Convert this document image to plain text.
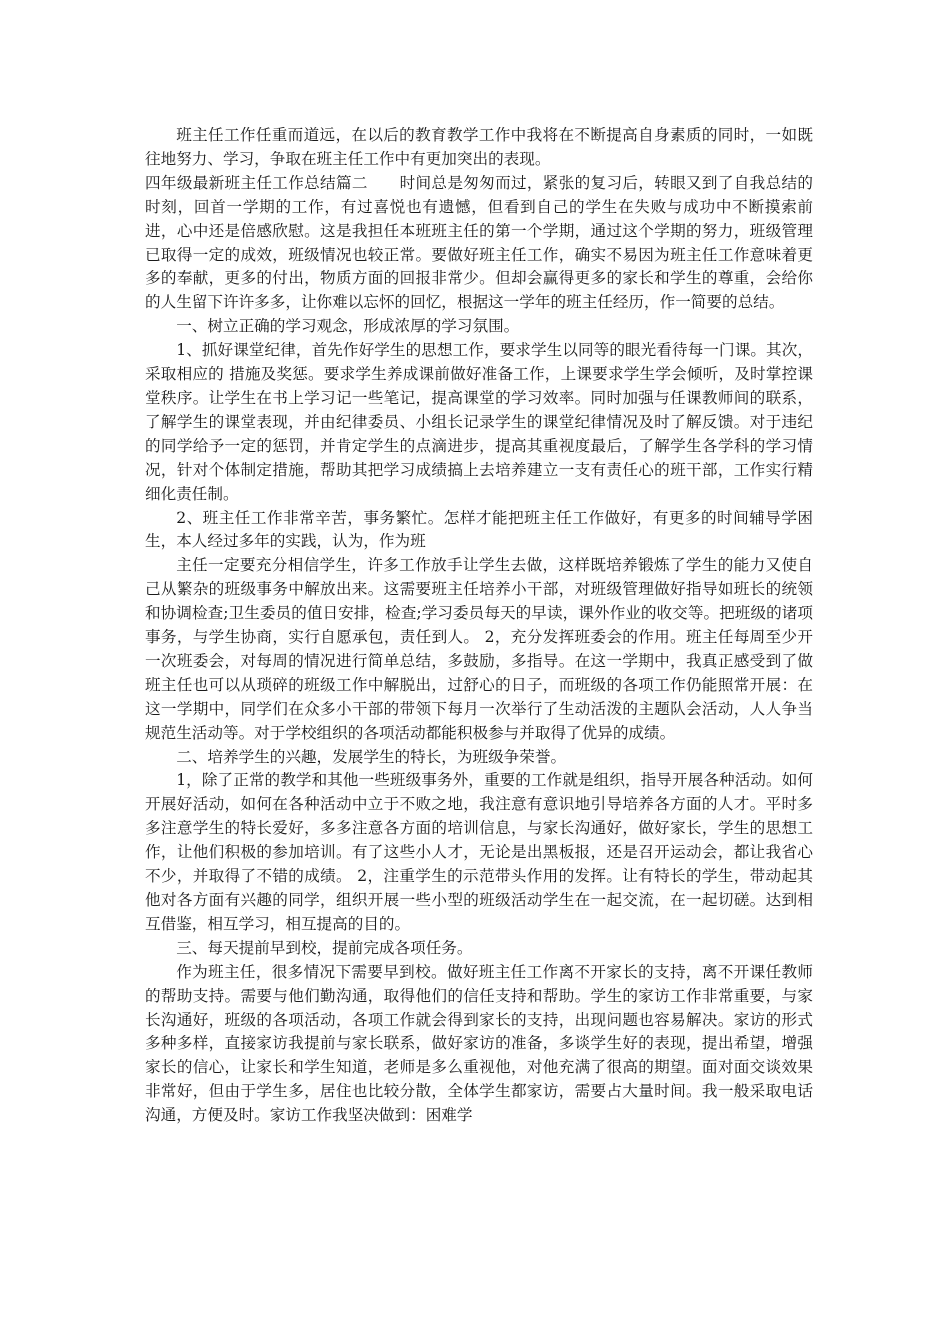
班主任工作任重而道远，在以后的教育教学工作中我将在不断提高自身素质的同时，一如既往地努力、学习，争取在班主任工作中有更加突出的表现。

四年级最新班主任工作总结篇二　　时间总是匆匆而过，紧张的复习后，转眼又到了自我总结的时刻，回首一学期的工作，有过喜悦也有遗憾，但看到自己的学生在失败与成功中不断摸索前进，心中还是倍感欣慰。这是我担任本班班主任的第一个学期，通过这个学期的努力，班级管理已取得一定的成效，班级情况也较正常。要做好班主任工作，确实不易因为班主任工作意味着更多的奉献，更多的付出，物质方面的回报非常少。但却会赢得更多的家长和学生的尊重，会给你的人生留下许许多多，让你难以忘怀的回忆，根据这一学年的班主任经历，作一简要的总结。

一、树立正确的学习观念，形成浓厚的学习氛围。

1、抓好课堂纪律，首先作好学生的思想工作，要求学生以同等的眼光看待每一门课。其次，采取相应的 措施及奖惩。要求学生养成课前做好准备工作，上课要求学生学会倾听，及时掌控课堂秩序。让学生在书上学习记一些笔记，提高课堂的学习效率。同时加强与任课教师间的联系，了解学生的课堂表现，并由纪律委员、小组长记录学生的课堂纪律情况及时了解反馈。对于违纪的同学给予一定的惩罚，并肯定学生的点滴进步，提高其重视度最后，了解学生各学科的学习情况，针对个体制定措施，帮助其把学习成绩搞上去培养建立一支有责任心的班干部，工作实行精细化责任制。

2、班主任工作非常辛苦，事务繁忙。怎样才能把班主任工作做好，有更多的时间辅导学困生，本人经过多年的实践，认为，作为班

主任一定要充分相信学生，许多工作放手让学生去做，这样既培养锻炼了学生的能力又使自己从繁杂的班级事务中解放出来。这需要班主任培养小干部，对班级管理做好指导如班长的统领和协调检查;卫生委员的值日安排，检查;学习委员每天的早读，课外作业的收交等。把班级的诸项事务，与学生协商，实行自愿承包，责任到人。 2，充分发挥班委会的作用。班主任每周至少开一次班委会，对每周的情况进行简单总结，多鼓励，多指导。在这一学期中，我真正感受到了做班主任也可以从琐碎的班级工作中解脱出，过舒心的日子，而班级的各项工作仍能照常开展：在这一学期中，同学们在众多小干部的带领下每月一次举行了生动活泼的主题队会活动，人人争当规范生活动等。对于学校组织的各项活动都能积极参与并取得了优异的成绩。

二、培养学生的兴趣，发展学生的特长，为班级争荣誉。

1，除了正常的教学和其他一些班级事务外，重要的工作就是组织，指导开展各种活动。如何开展好活动，如何在各种活动中立于不败之地，我注意有意识地引导培养各方面的人才。平时多多注意学生的特长爱好，多多注意各方面的培训信息，与家长沟通好，做好家长，学生的思想工作，让他们积极的参加培训。有了这些小人才，无论是出黑板报，还是召开运动会，都让我省心不少，并取得了不错的成绩。 2，注重学生的示范带头作用的发挥。让有特长的学生，带动起其他对各方面有兴趣的同学，组织开展一些小型的班级活动学生在一起交流，在一起切磋。达到相互借鉴，相互学习，相互提高的目的。

三、每天提前早到校，提前完成各项任务。

作为班主任，很多情况下需要早到校。做好班主任工作离不开家长的支持，离不开课任教师的帮助支持。需要与他们勤沟通，取得他们的信任支持和帮助。学生的家访工作非常重要，与家长沟通好，班级的各项活动，各项工作就会得到家长的支持，出现问题也容易解决。家访的形式多种多样，直接家访我提前与家长联系，做好家访的准备，多谈学生好的表现，提出希望，增强家长的信心，让家长和学生知道，老师是多么重视他，对他充满了很高的期望。面对面交谈效果非常好，但由于学生多，居住也比较分散，全体学生都家访，需要占大量时间。我一般采取电话沟通，方便及时。家访工作我坚决做到：困难学
